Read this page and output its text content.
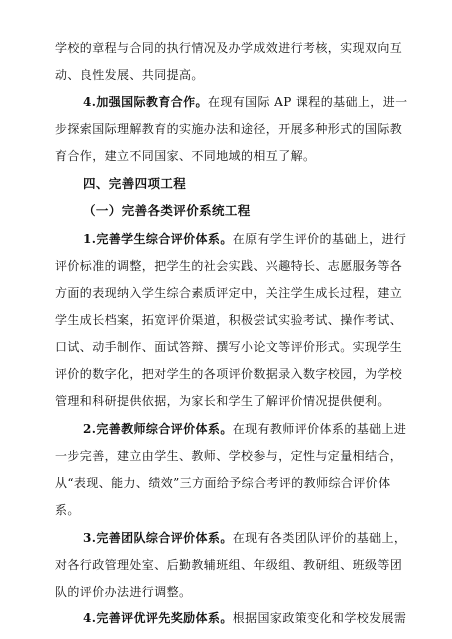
学校的章程与合同的执行情况及办学成效进行考核，实现双向互
动、良性发展、共同提高。
4.加强国际教育合作。在现有国际 AP 课程的基础上，进一
步探索国际理解教育的实施办法和途径，开展多种形式的国际教
育合作，建立不同国家、不同地域的相互了解。
四、完善四项工程
（一）完善各类评价系统工程
1.完善学生综合评价体系。在原有学生评价的基础上，进行
评价标准的调整，把学生的社会实践、兴趣特长、志愿服务等各
方面的表现纳入学生综合素质评定中，关注学生成长过程，建立
学生成长档案，拓宽评价渠道，积极尝试实验考试、操作考试、
口试、动手制作、面试答辩、撰写小论文等评价形式。实现学生
评价的数字化，把对学生的各项评价数据录入数字校园，为学校
管理和科研提供依据，为家长和学生了解评价情况提供便利。
2.完善教师综合评价体系。在现有教师评价体系的基础上进
一步完善，建立由学生、教师、学校参与，定性与定量相结合，
从“表现、能力、绩效”三方面给予综合考评的教师综合评价体
系。
3.完善团队综合评价体系。在现有各类团队评价的基础上，
对各行政管理处室、后勤教辅班组、年级组、教研组、班级等团
队的评价办法进行调整。
4.完善评优评先奖励体系。根据国家政策变化和学校发展需
